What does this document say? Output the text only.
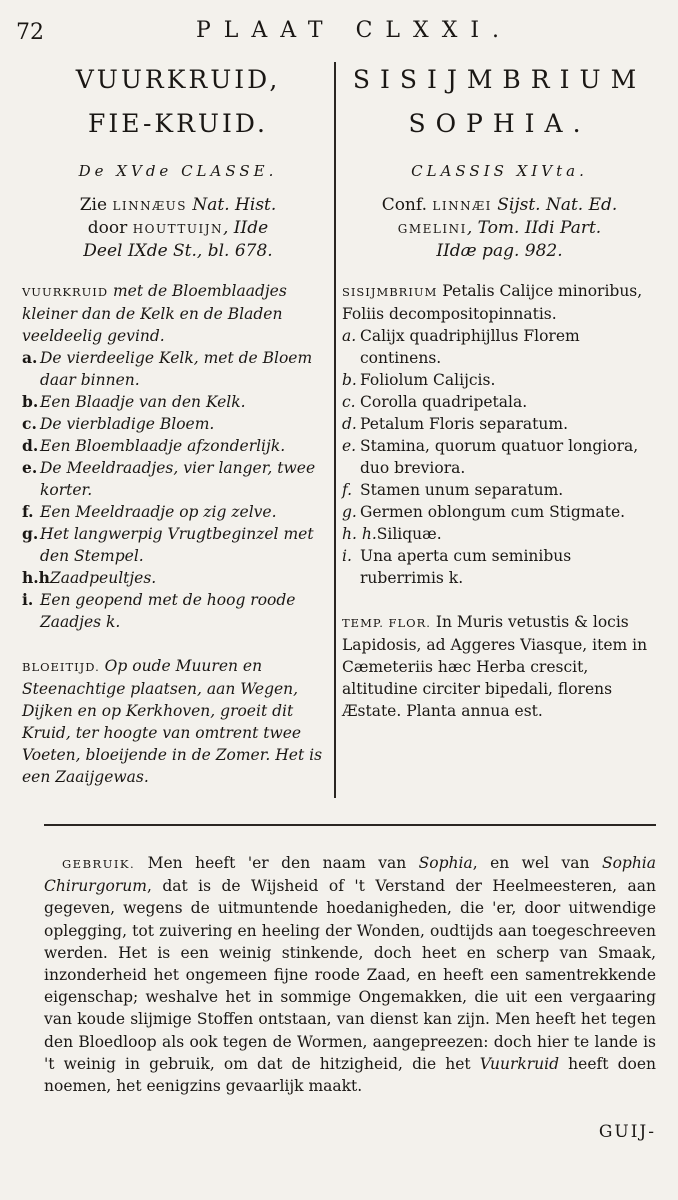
72	PLAAT CLXXI.
VUURKRUID,
FIE-KRUID.
De XVde CLASSE.
Zie LINNÆUS Nat. Hist.
door HOUTTUIJN, IIde
Deel IXde St., bl. 678.
VUURKRUID met de Bloemblaadjes kleiner dan de Kelk en de Bladen veeldeelig gevind.
a. De vierdeelige Kelk, met de Bloem daar binnen.
b. Een Blaadje van den Kelk.
c. De vierbladige Bloem.
d. Een Bloemblaadje afzonderlijk.
e. De Meeldraadjes, vier langer, twee korter.
f. Een Meeldraadje op zig zelve.
g. Het langwerpig Vrugtbeginzel met den Stempel.
h.h Zaadpeultjes.
i. Een geopend met de hoog roode Zaadjes k.
BLOEITIJD. Op oude Muuren en Steenachtige plaatsen, aan Wegen, Dijken en op Kerkhoven, groeit dit Kruid, ter hoogte van omtrent twee Voeten, bloeijende in de Zomer. Het is een Zaaijgewas.
SISIJMBRIUM
SOPHIA.
CLASSIS XIVta.
Conf. LINNÆI Sijst. Nat. Ed.
GMELINI, Tom. IIdi Part.
IIdæ pag. 982.
SISIJMBRIUM Petalis Calijce minoribus, Foliis decompositopinnatis.
a. Calijx quadriphijllus Florem continens.
b. Foliolum Calijcis.
c. Corolla quadripetala.
d. Petalum Floris separatum.
e. Stamina, quorum quatuor longiora, duo breviora.
f. Stamen unum separatum.
g. Germen oblongum cum Stigmate.
h. h. Siliquæ.
i. Una aperta cum seminibus ruberrimis k.
TEMP. FLOR. In Muris vetustis & locis Lapidosis, ad Aggeres Viasque, item in Cæmeteriis hæc Herba crescit, altitudine circiter bipedali, florens Æstate. Planta annua est.
GEBRUIK. Men heeft 'er den naam van Sophia, en wel van Sophia Chirurgorum, dat is de Wijsheid of 't Verstand der Heelmeesteren, aan gegeven, wegens de uitmuntende hoedanigheden, die 'er, door uitwendige oplegging, tot zuivering en heeling der Wonden, oudtijds aan toegeschreeven werden. Het is een weinig stinkende, doch heet en scherp van Smaak, inzonderheid het ongemeen fijne roode Zaad, en heeft een samentrekkende eigenschap; weshalve het in sommige Ongemakken, die uit een vergaaring van koude slijmige Stoffen ontstaan, van dienst kan zijn. Men heeft het tegen den Bloedloop als ook tegen de Wormen, aangepreezen: doch hier te lande is 't weinig in gebruik, om dat de hitzigheid, die het Vuurkruid heeft doen noemen, het eenigzins gevaarlijk maakt.
GUIJ-
